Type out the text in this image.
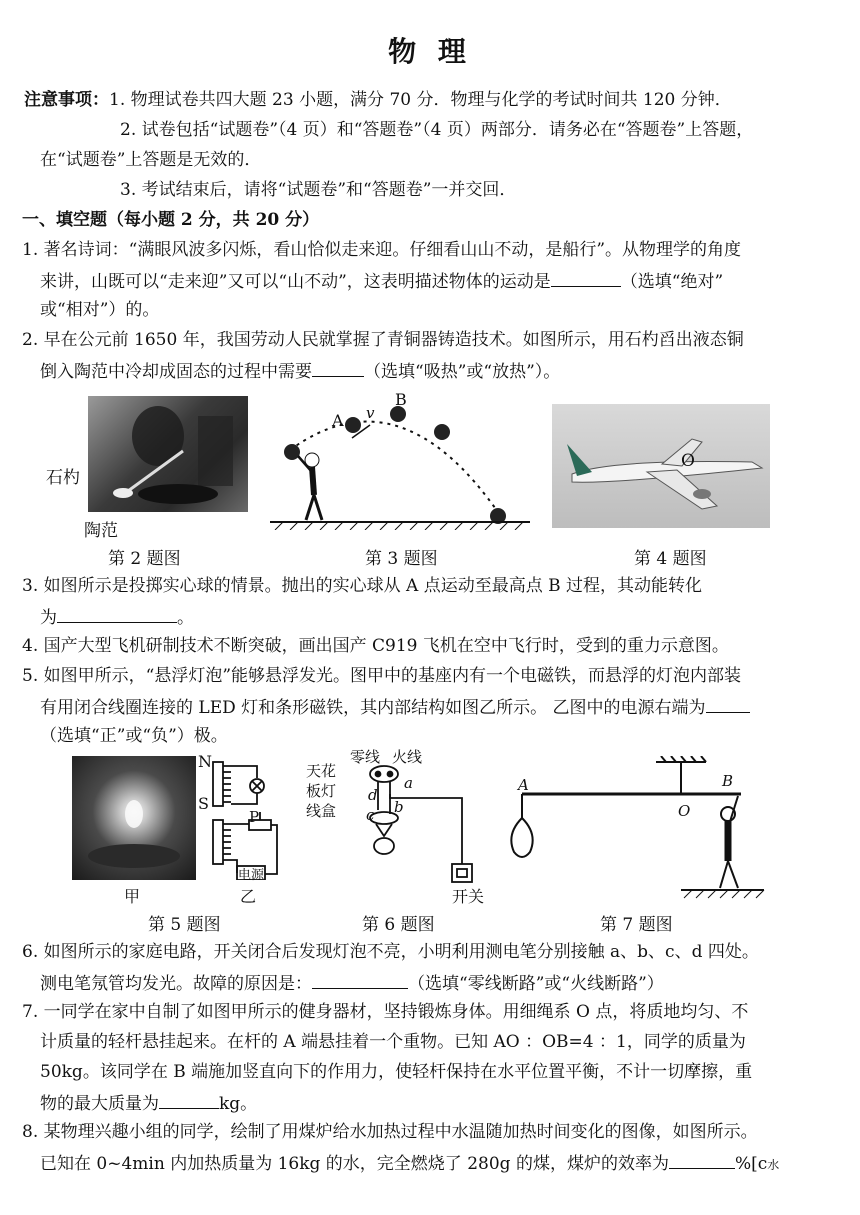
物 理
注意事项：1. 物理试卷共四大题 23 小题，满分 70 分．物理与化学的考试时间共 120 分钟．
2. 试卷包括“试题卷”（4 页）和“答题卷”（4 页）两部分．请务必在“答题卷”上答题，
在“试题卷”上答题是无效的．
3. 考试结束后，请将“试题卷”和“答题卷”一并交回．
一、填空题（每小题 2 分，共 20 分）
1. 著名诗词：“满眼风波多闪烁，看山恰似走来迎。仔细看山山不动，是船行”。从物理学的角度
来讲，山既可以“走来迎”又可以“山不动”，这表明描述物体的运动是	（选填“绝对”
或“相对”）的。
2. 早在公元前 1650 年，我国劳动人民就掌握了青铜器铸造技术。如图所示，用石杓舀出液态铜
倒入陶范中冷却成固态的过程中需要	（选填“吸热”或“放热”）。
石杓
陶范
A
B
v
O
第 2 题图	第 3 题图	第 4 题图
3. 如图所示是投掷实心球的情景。抛出的实心球从 A 点运动至最高点 B 过程，其动能转化
为	。
4. 国产大型飞机研制技术不断突破，画出国产 C919 飞机在空中飞行时，受到的重力示意图。
5. 如图甲所示，“悬浮灯泡”能够悬浮发光。图甲中的基座内有一个电磁铁，而悬浮的灯泡内部装
有用闭合线圈连接的 LED 灯和条形磁铁，其内部结构如图乙所示。 乙图中的电源右端为
（选填“正”或“负”）极。
N
S
P
电源
甲	乙
天花
板灯
线盒
零线 火线
a
b
c
d
开关
A	B
O
第 5 题图	第 6 题图	第 7 题图
6. 如图所示的家庭电路，开关闭合后发现灯泡不亮，小明利用测电笔分别接触 a、b、c、d 四处。
测电笔氖管均发光。故障的原因是：	（选填“零线断路”或“火线断路”）
7. 一同学在家中自制了如图甲所示的健身器材，坚持锻炼身体。用细绳系 O 点，将质地均匀、不
计质量的轻杆悬挂起来。在杆的 A 端悬挂着一个重物。已知 AO ：OB=4 ：1，同学的质量为
50kg。该同学在 B 端施加竖直向下的作用力，使轻杆保持在水平位置平衡，不计一切摩擦，重
物的最大质量为	kg。
8. 某物理兴趣小组的同学，绘制了用煤炉给水加热过程中水温随加热时间变化的图像，如图所示。
已知在 0~4min 内加热质量为 16kg 的水，完全燃烧了 280g 的煤，煤炉的效率为	%[c水
